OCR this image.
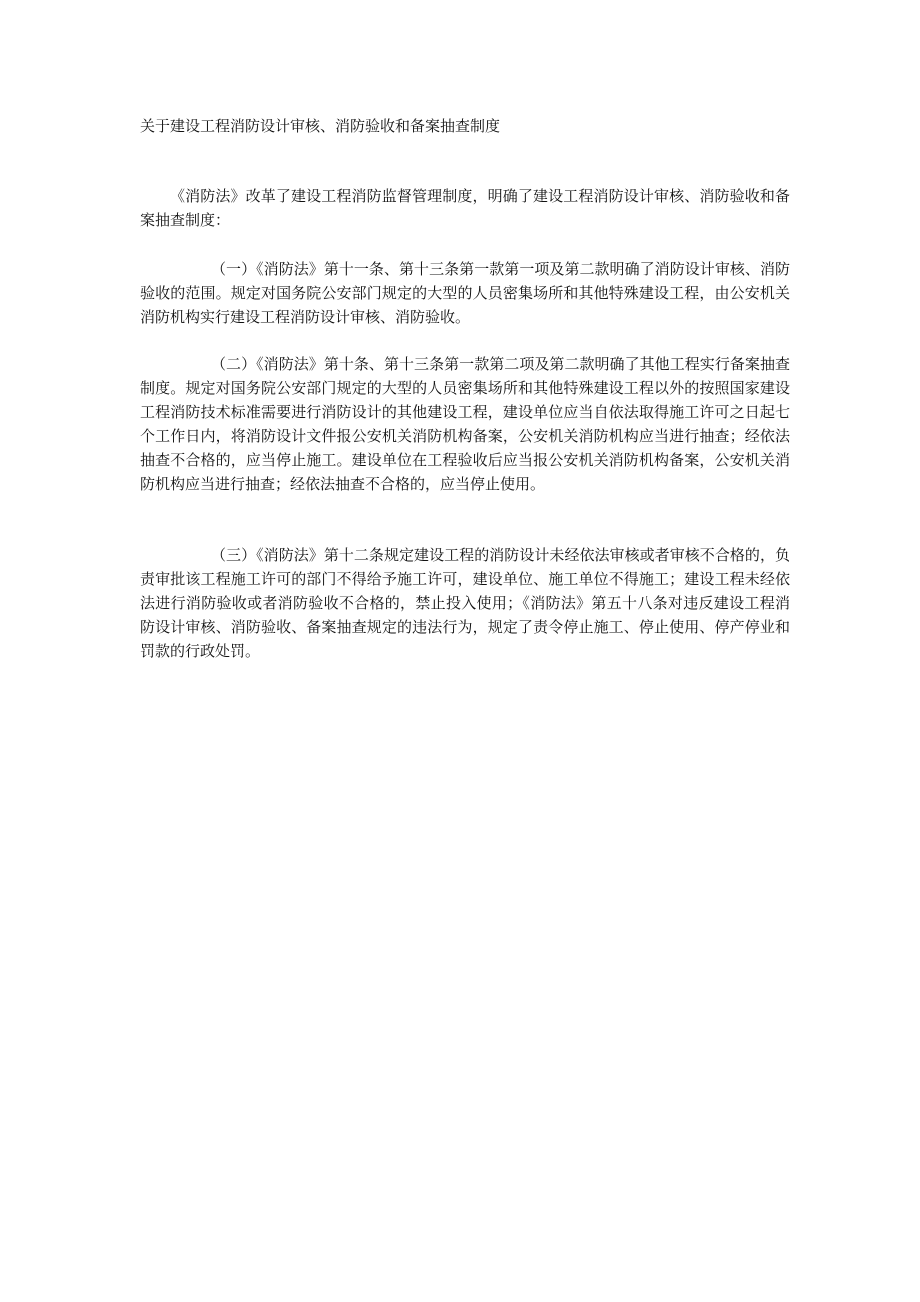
关于建设工程消防设计审核、消防验收和备案抽查制度

《消防法》改革了建设工程消防监督管理制度，明确了建设工程消防设计审核、消防验收和备案抽查制度：

（一）《消防法》第十一条、第十三条第一款第一项及第二款明确了消防设计审核、消防验收的范围。规定对国务院公安部门规定的大型的人员密集场所和其他特殊建设工程，由公安机关消防机构实行建设工程消防设计审核、消防验收。

（二）《消防法》第十条、第十三条第一款第二项及第二款明确了其他工程实行备案抽查制度。规定对国务院公安部门规定的大型的人员密集场所和其他特殊建设工程以外的按照国家建设工程消防技术标准需要进行消防设计的其他建设工程，建设单位应当自依法取得施工许可之日起七个工作日内，将消防设计文件报公安机关消防机构备案，公安机关消防机构应当进行抽查；经依法抽查不合格的，应当停止施工。建设单位在工程验收后应当报公安机关消防机构备案，公安机关消防机构应当进行抽查；经依法抽查不合格的，应当停止使用。

（三）《消防法》第十二条规定建设工程的消防设计未经依法审核或者审核不合格的，负责审批该工程施工许可的部门不得给予施工许可，建设单位、施工单位不得施工；建设工程未经依法进行消防验收或者消防验收不合格的，禁止投入使用；《消防法》第五十八条对违反建设工程消防设计审核、消防验收、备案抽查规定的违法行为，规定了责令停止施工、停止使用、停产停业和罚款的行政处罚。
